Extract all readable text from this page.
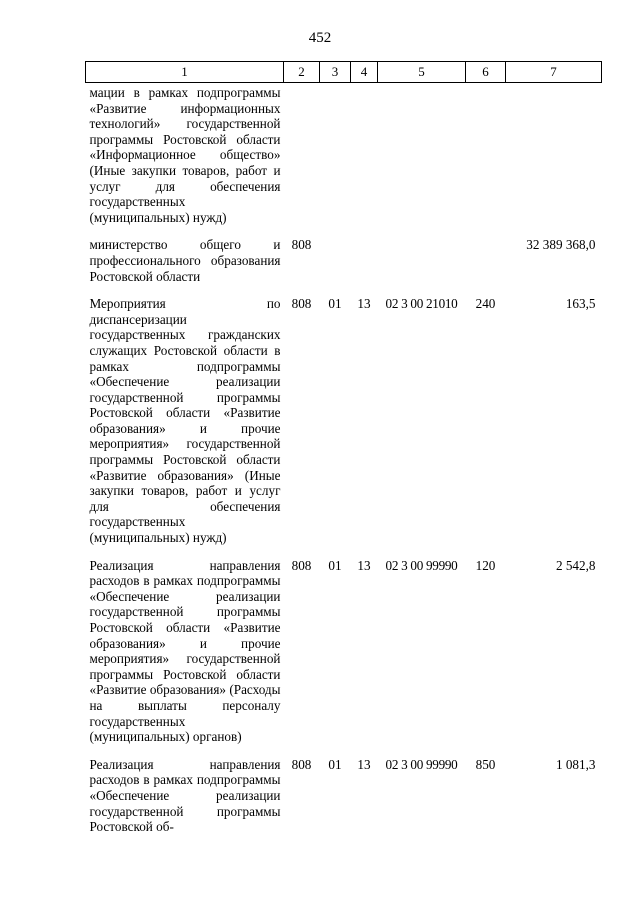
452
1	2	3	4	5	6	7
мации в рамках подпрограммы «Развитие информационных технологий» государственной программы Ростовской области «Информационное общество» (Иные закупки товаров, работ и услуг для обеспечения государственных (муниципальных) нужд)						
министерство общего и профессионального образования Ростовской области	808					32 389 368,0
Мероприятия по диспансеризации государственных гражданских служащих Ростовской области в рамках подпрограммы «Обеспечение реализации государственной программы Ростовской области «Развитие образования» и прочие мероприятия» государственной программы Ростовской области «Развитие образования» (Иные закупки товаров, работ и услуг для обеспечения государственных (муниципальных) нужд)	808	01	13	02 3 00 21010	240	163,5
Реализация направления расходов в рамках подпрограммы «Обеспечение реализации государственной программы Ростовской области «Развитие образования» и прочие мероприятия» государственной программы Ростовской области «Развитие образования» (Расходы на выплаты персоналу государственных (муниципальных) органов)	808	01	13	02 3 00 99990	120	2 542,8
Реализация направления расходов в рамках подпрограммы «Обеспечение реализации государственной программы Ростовской об-	808	01	13	02 3 00 99990	850	1 081,3
